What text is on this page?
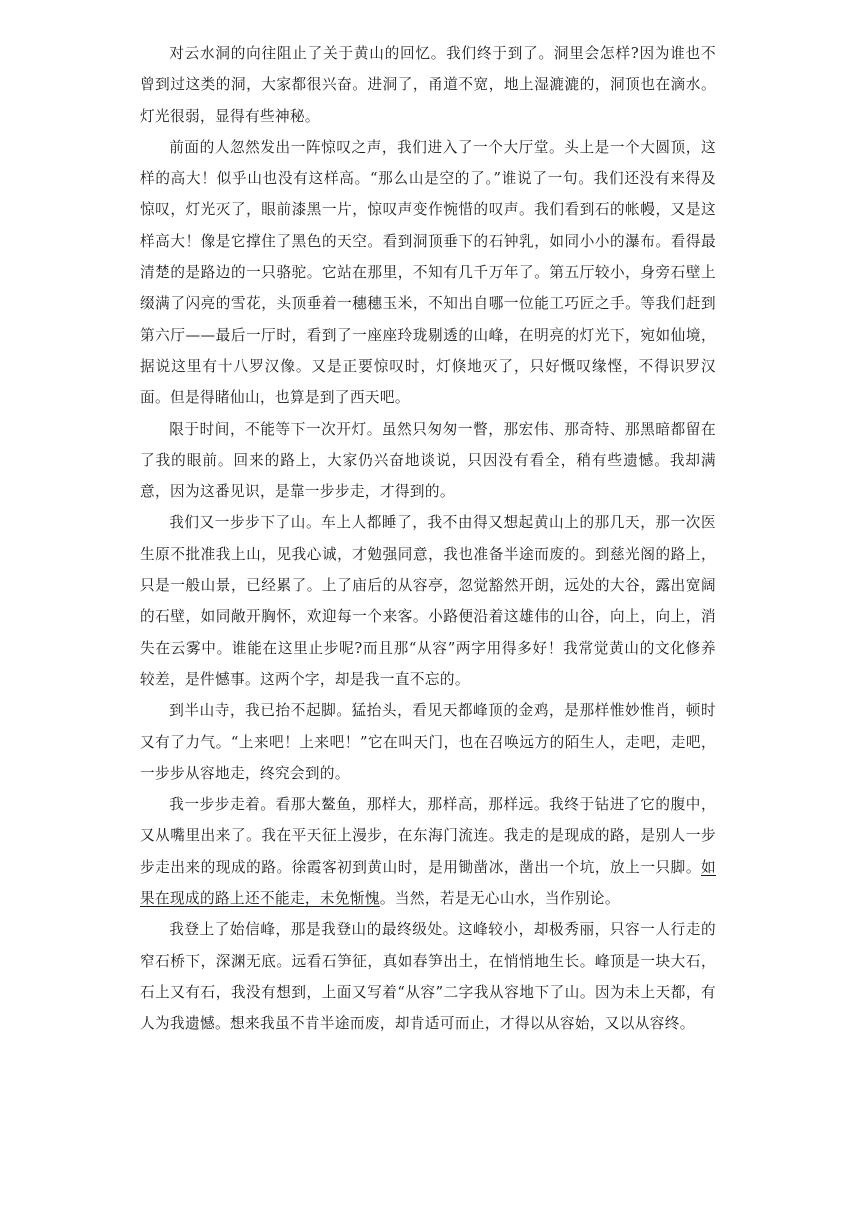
对云水洞的向往阻止了关于黄山的回忆。我们终于到了。洞里会怎样?因为谁也不曾到过这类的洞，大家都很兴奋。进洞了，甬道不宽，地上湿漉漉的，洞顶也在滴水。灯光很弱，显得有些神秘。

前面的人忽然发出一阵惊叹之声，我们进入了一个大厅堂。头上是一个大圆顶，这样的高大！似乎山也没有这样高。“那么山是空的了。”谁说了一句。我们还没有来得及惊叹，灯光灭了，眼前漆黑一片，惊叹声变作惋惜的叹声。我们看到石的帐幔，又是这样高大！像是它撑住了黑色的天空。看到洞顶垂下的石钟乳，如同小小的瀑布。看得最清楚的是路边的一只骆驼。它站在那里，不知有几千万年了。第五厅较小，身旁石壁上缀满了闪亮的雪花，头顶垂着一穗穗玉米，不知出自哪一位能工巧匠之手。等我们赶到第六厅——最后一厅时，看到了一座座玲珑剔透的山峰，在明亮的灯光下，宛如仙境，据说这里有十八罗汉像。又是正要惊叹时，灯倏地灭了，只好慨叹缘悭，不得识罗汉面。但是得睹仙山，也算是到了西天吧。

限于时间，不能等下一次开灯。虽然只匆匆一瞥，那宏伟、那奇特、那黑暗都留在了我的眼前。回来的路上，大家仍兴奋地谈说，只因没有看全，稍有些遗憾。我却满意，因为这番见识，是靠一步步走，才得到的。

我们又一步步下了山。车上人都睡了，我不由得又想起黄山上的那几天，那一次医生原不批准我上山，见我心诚，才勉强同意，我也准备半途而废的。到慈光阁的路上，只是一般山景，已经累了。上了庙后的从容亭，忽觉豁然开朗，远处的大谷，露出宽阔的石壁，如同敞开胸怀，欢迎每一个来客。小路便沿着这雄伟的山谷，向上，向上，消失在云雾中。谁能在这里止步呢?而且那“从容”两字用得多好！我常觉黄山的文化修养较差，是件憾事。这两个字，却是我一直不忘的。

到半山寺，我已抬不起脚。猛抬头，看见天都峰顶的金鸡，是那样惟妙惟肖，顿时又有了力气。“上来吧！上来吧！”它在叫天门，也在召唤远方的陌生人，走吧，走吧，一步步从容地走，终究会到的。

我一步步走着。看那大鳌鱼，那样大，那样高，那样远。我终于钻进了它的腹中，又从嘴里出来了。我在平天征上漫步，在东海门流连。我走的是现成的路，是别人一步步走出来的现成的路。徐霞客初到黄山时，是用锄凿冰，凿出一个坑，放上一只脚。如果在现成的路上还不能走，未免惭愧。当然，若是无心山水，当作别论。

我登上了始信峰，那是我登山的最终级处。这峰较小，却极秀丽，只容一人行走的窄石桥下，深渊无底。远看石笋征，真如春笋出土，在悄悄地生长。峰顶是一块大石，石上又有石，我没有想到，上面又写着“从容”二字我从容地下了山。因为未上天都，有人为我遗憾。想来我虽不肯半途而废，却肯适可而止，才得以从容始，又以从容终。
